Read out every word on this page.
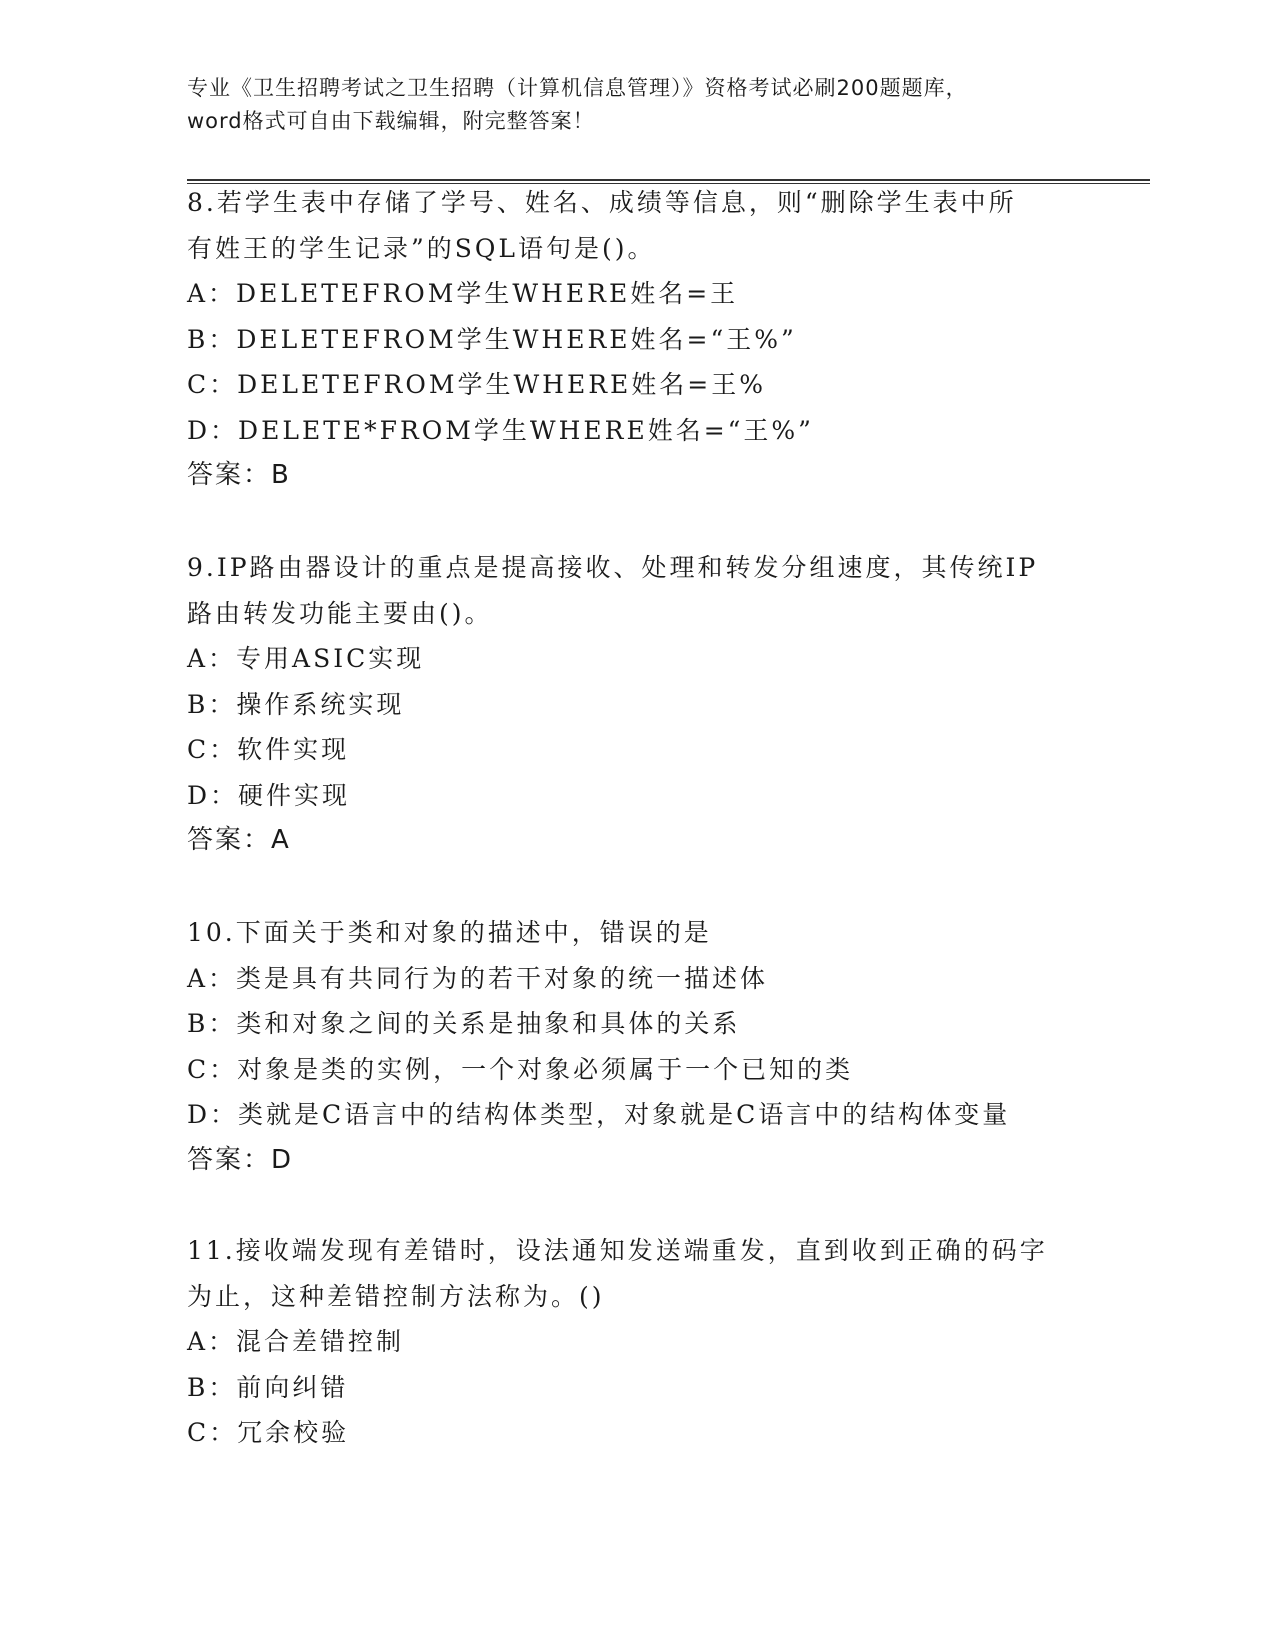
专业《卫生招聘考试之卫生招聘（计算机信息管理）》资格考试必刷200题题库，
word格式可自由下载编辑，附完整答案！
8.若学生表中存储了学号、姓名、成绩等信息，则“删除学生表中所
有姓王的学生记录”的SQL语句是()。
A：DELETEFROM学生WHERE姓名=王
B：DELETEFROM学生WHERE姓名=“王%”
C：DELETEFROM学生WHERE姓名=王%
D：DELETE*FROM学生WHERE姓名=“王%”
答案：B
9.IP路由器设计的重点是提高接收、处理和转发分组速度，其传统IP
路由转发功能主要由()。
A：专用ASIC实现
B：操作系统实现
C：软件实现
D：硬件实现
答案：A
10.下面关于类和对象的描述中，错误的是
A：类是具有共同行为的若干对象的统一描述体
B：类和对象之间的关系是抽象和具体的关系
C：对象是类的实例，一个对象必须属于一个已知的类
D：类就是C语言中的结构体类型，对象就是C语言中的结构体变量
答案：D
11.接收端发现有差错时，设法通知发送端重发，直到收到正确的码字
为止，这种差错控制方法称为。()
A：混合差错控制
B：前向纠错
C：冗余校验
